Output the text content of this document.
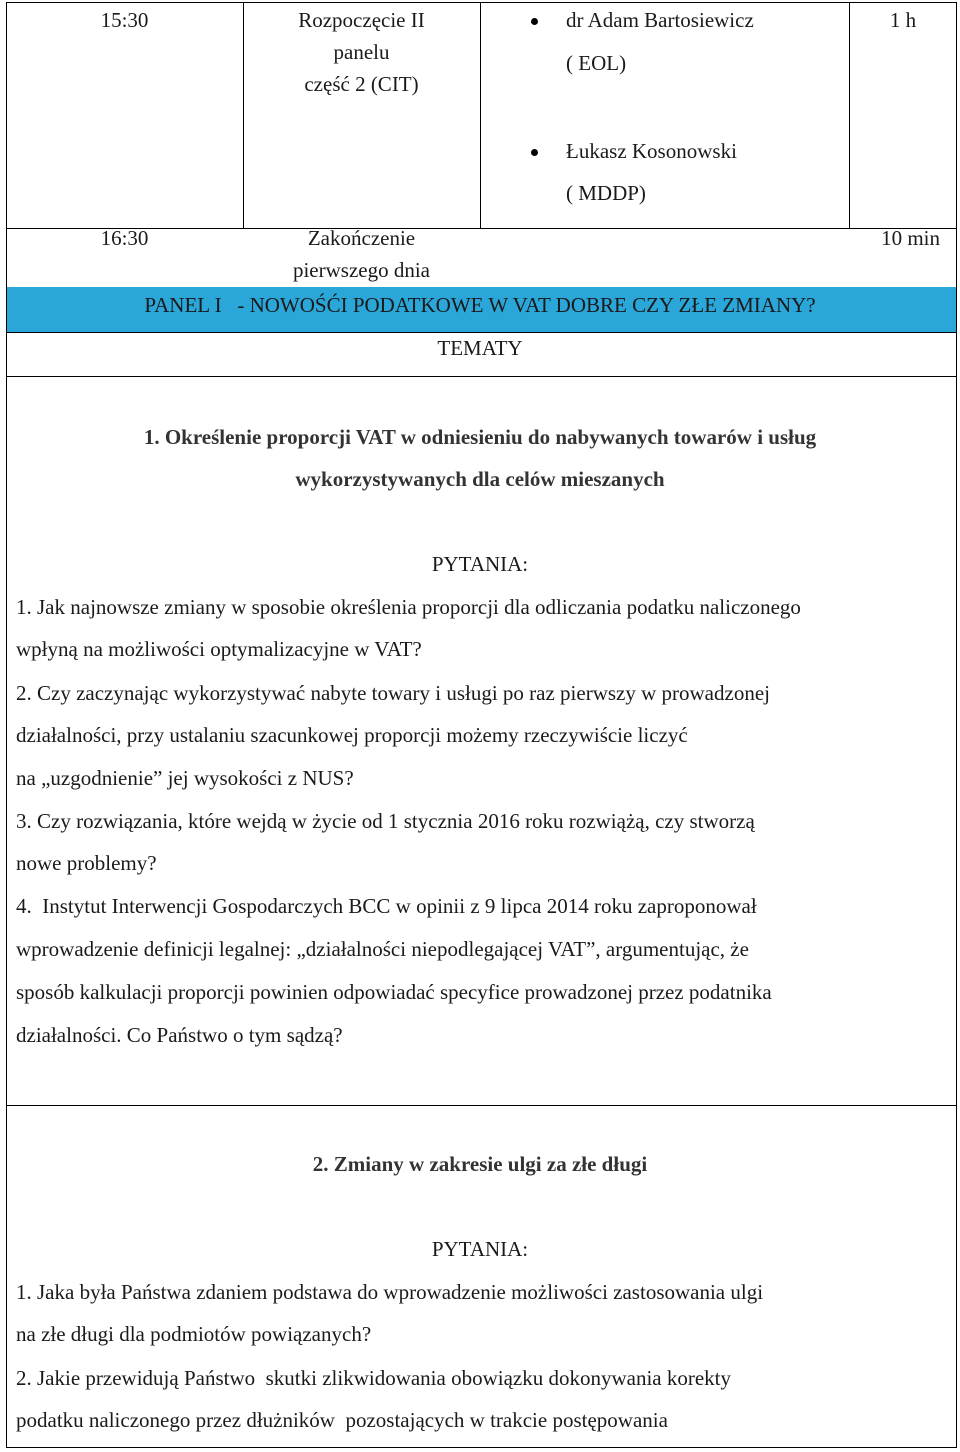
15:30	Rozpoczęcie II
panelu
część 2 (CIT)
dr Adam Bartosiewicz
( EOL)
Łukasz Kosonowski
( MDDP)
1 h
16:30	Zakończenie
pierwszego dnia
10 min
PANEL I   - NOWOŚĆI PODATKOWE W VAT DOBRE CZY ZŁE ZMIANY?
TEMATY
1. Określenie proporcji VAT w odniesieniu do nabywanych towarów i usług
wykorzystywanych dla celów mieszanych
PYTANIA:
1. Jak najnowsze zmiany w sposobie określenia proporcji dla odliczania podatku naliczonego
wpłyną na możliwości optymalizacyjne w VAT?
2. Czy zaczynając wykorzystywać nabyte towary i usługi po raz pierwszy w prowadzonej
działalności, przy ustalaniu szacunkowej proporcji możemy rzeczywiście liczyć
na „uzgodnienie” jej wysokości z NUS?
3. Czy rozwiązania, które wejdą w życie od 1 stycznia 2016 roku rozwiążą, czy stworzą
nowe problemy?
4.  Instytut Interwencji Gospodarczych BCC w opinii z 9 lipca 2014 roku zaproponował
wprowadzenie definicji legalnej: „działalności niepodlegającej VAT”, argumentując, że
sposób kalkulacji proporcji powinien odpowiadać specyfice prowadzonej przez podatnika
działalności. Co Państwo o tym sądzą?
2. Zmiany w zakresie ulgi za złe długi
PYTANIA:
1. Jaka była Państwa zdaniem podstawa do wprowadzenie możliwości zastosowania ulgi
na złe długi dla podmiotów powiązanych?
2. Jakie przewidują Państwo  skutki zlikwidowania obowiązku dokonywania korekty
podatku naliczonego przez dłużników  pozostających w trakcie postępowania
